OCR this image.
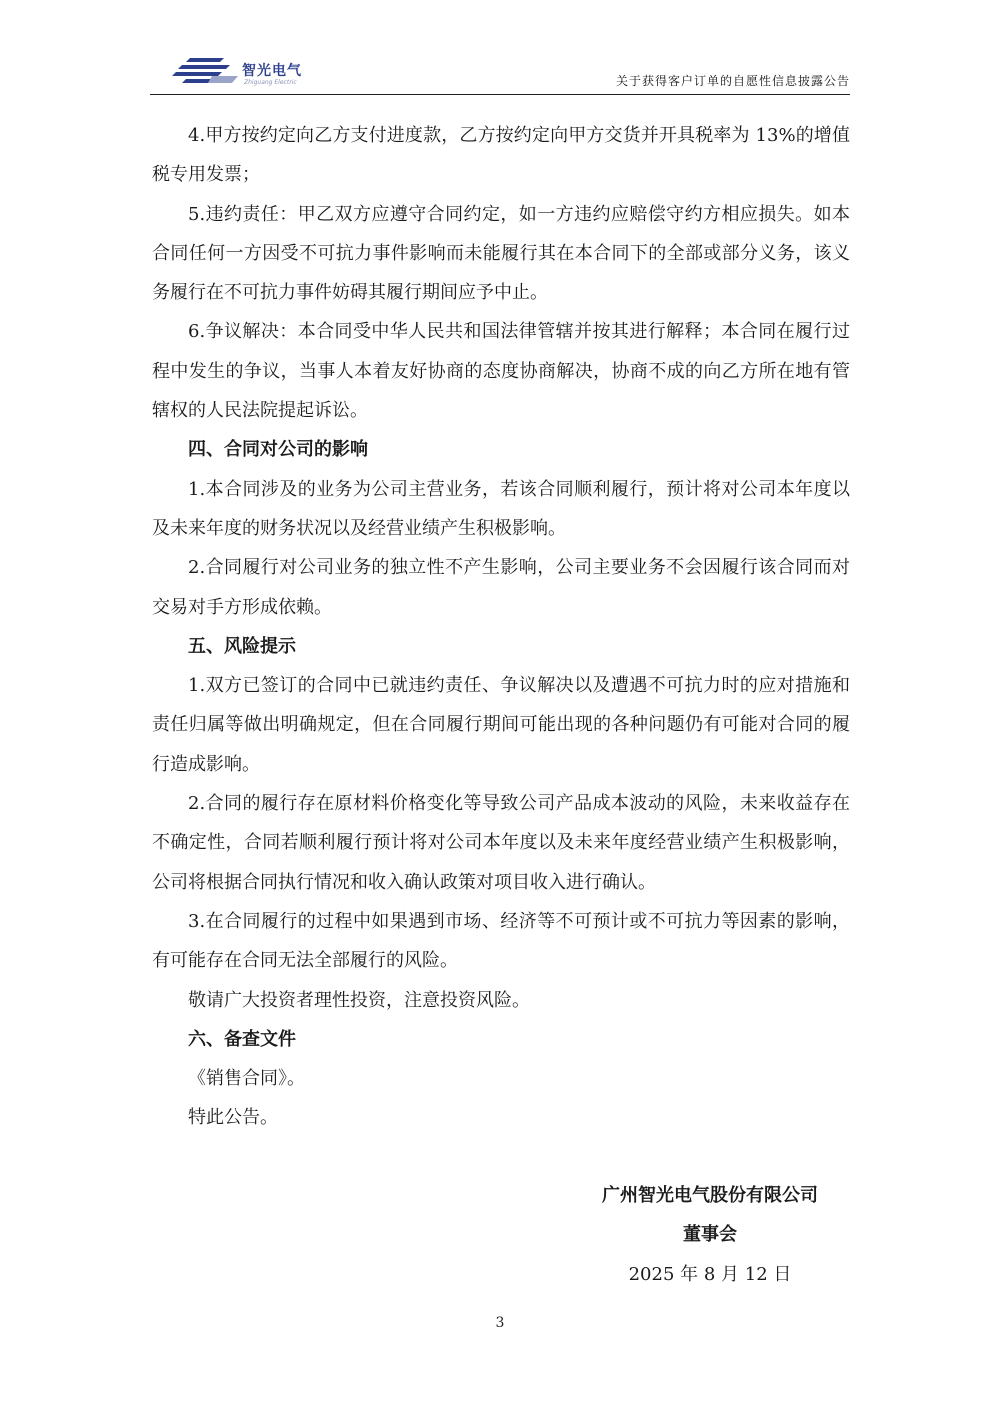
智光电气
Zhiguang Electric	关于获得客户订单的自愿性信息披露公告

4.甲方按约定向乙方支付进度款，乙方按约定向甲方交货并开具税率为 13%的增值税专用发票；

5.违约责任：甲乙双方应遵守合同约定，如一方违约应赔偿守约方相应损失。如本合同任何一方因受不可抗力事件影响而未能履行其在本合同下的全部或部分义务，该义务履行在不可抗力事件妨碍其履行期间应予中止。

6.争议解决：本合同受中华人民共和国法律管辖并按其进行解释；本合同在履行过程中发生的争议，当事人本着友好协商的态度协商解决，协商不成的向乙方所在地有管辖权的人民法院提起诉讼。

四、合同对公司的影响

1.本合同涉及的业务为公司主营业务，若该合同顺利履行，预计将对公司本年度以及未来年度的财务状况以及经营业绩产生积极影响。

2.合同履行对公司业务的独立性不产生影响，公司主要业务不会因履行该合同而对交易对手方形成依赖。

五、风险提示

1.双方已签订的合同中已就违约责任、争议解决以及遭遇不可抗力时的应对措施和责任归属等做出明确规定，但在合同履行期间可能出现的各种问题仍有可能对合同的履行造成影响。

2.合同的履行存在原材料价格变化等导致公司产品成本波动的风险，未来收益存在不确定性，合同若顺利履行预计将对公司本年度以及未来年度经营业绩产生积极影响，公司将根据合同执行情况和收入确认政策对项目收入进行确认。

3.在合同履行的过程中如果遇到市场、经济等不可预计或不可抗力等因素的影响，有可能存在合同无法全部履行的风险。

敬请广大投资者理性投资，注意投资风险。

六、备查文件

《销售合同》。

特此公告。

广州智光电气股份有限公司
董事会
2025 年 8 月 12 日
3
